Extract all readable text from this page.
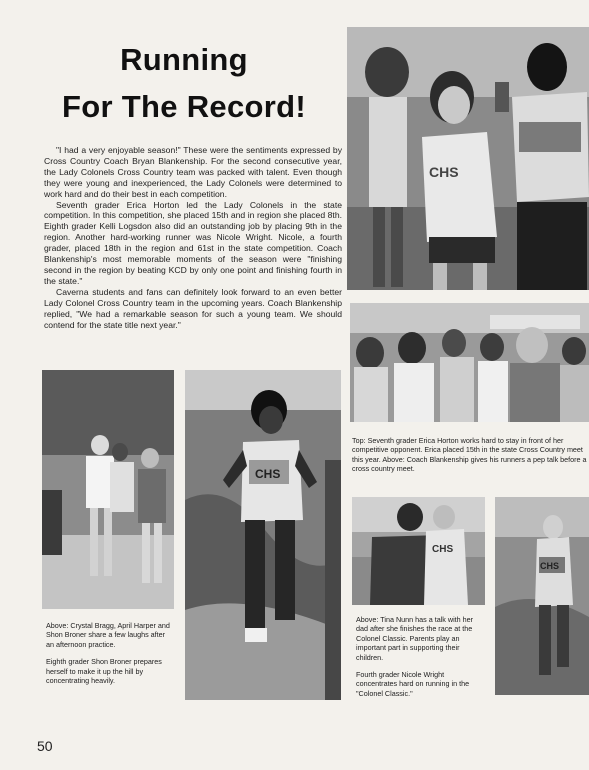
Running
For The Record!

"I had a very enjoyable season!" These were the sentiments expressed by Cross Country Coach Bryan Blankenship. For the second consecutive year, the Lady Colonels Cross Country team was packed with talent. Even though they were young and inexperienced, the Lady Colonels were determined to work hard and do their best in each competition.

Seventh grader Erica Horton led the Lady Colonels in the state competition. In this competition, she placed 15th and in region she placed 8th. Eighth grader Kelli Logsdon also did an outstanding job by placing 9th in the region. Another hard-working runner was Nicole Wright. Nicole, a fourth grader, placed 18th in the region and 61st in the state competition. Coach Blankenship's most memorable moments of the season were "finishing second in the region by beating KCD by only one point and finishing fourth in the state."

Caverna students and fans can definitely look forward to an even better Lady Colonel Cross Country team in the upcoming years. Coach Blankenship replied, "We had a remarkable season for such a young team. We should contend for the state title next year."

CHS
Top: Seventh grader Erica Horton works hard to stay in front of her competitive opponent. Erica placed 15th in the state Cross Country meet this year. Above: Coach Blankenship gives his runners a pep talk before a cross country meet.

Above: Crystal Bragg, April Harper and Shon Broner share a few laughs after an afternoon practice.

Eighth grader Shon Broner prepares herself to make it up the hill by concentrating heavily.

CHS
CHS

Above: Tina Nunn has a talk with her dad after she finishes the race at the Colonel Classic. Parents play an important part in supporting their children.

Fourth grader Nicole Wright concentrates hard on running in the "Colonel Classic."

CHS
50
